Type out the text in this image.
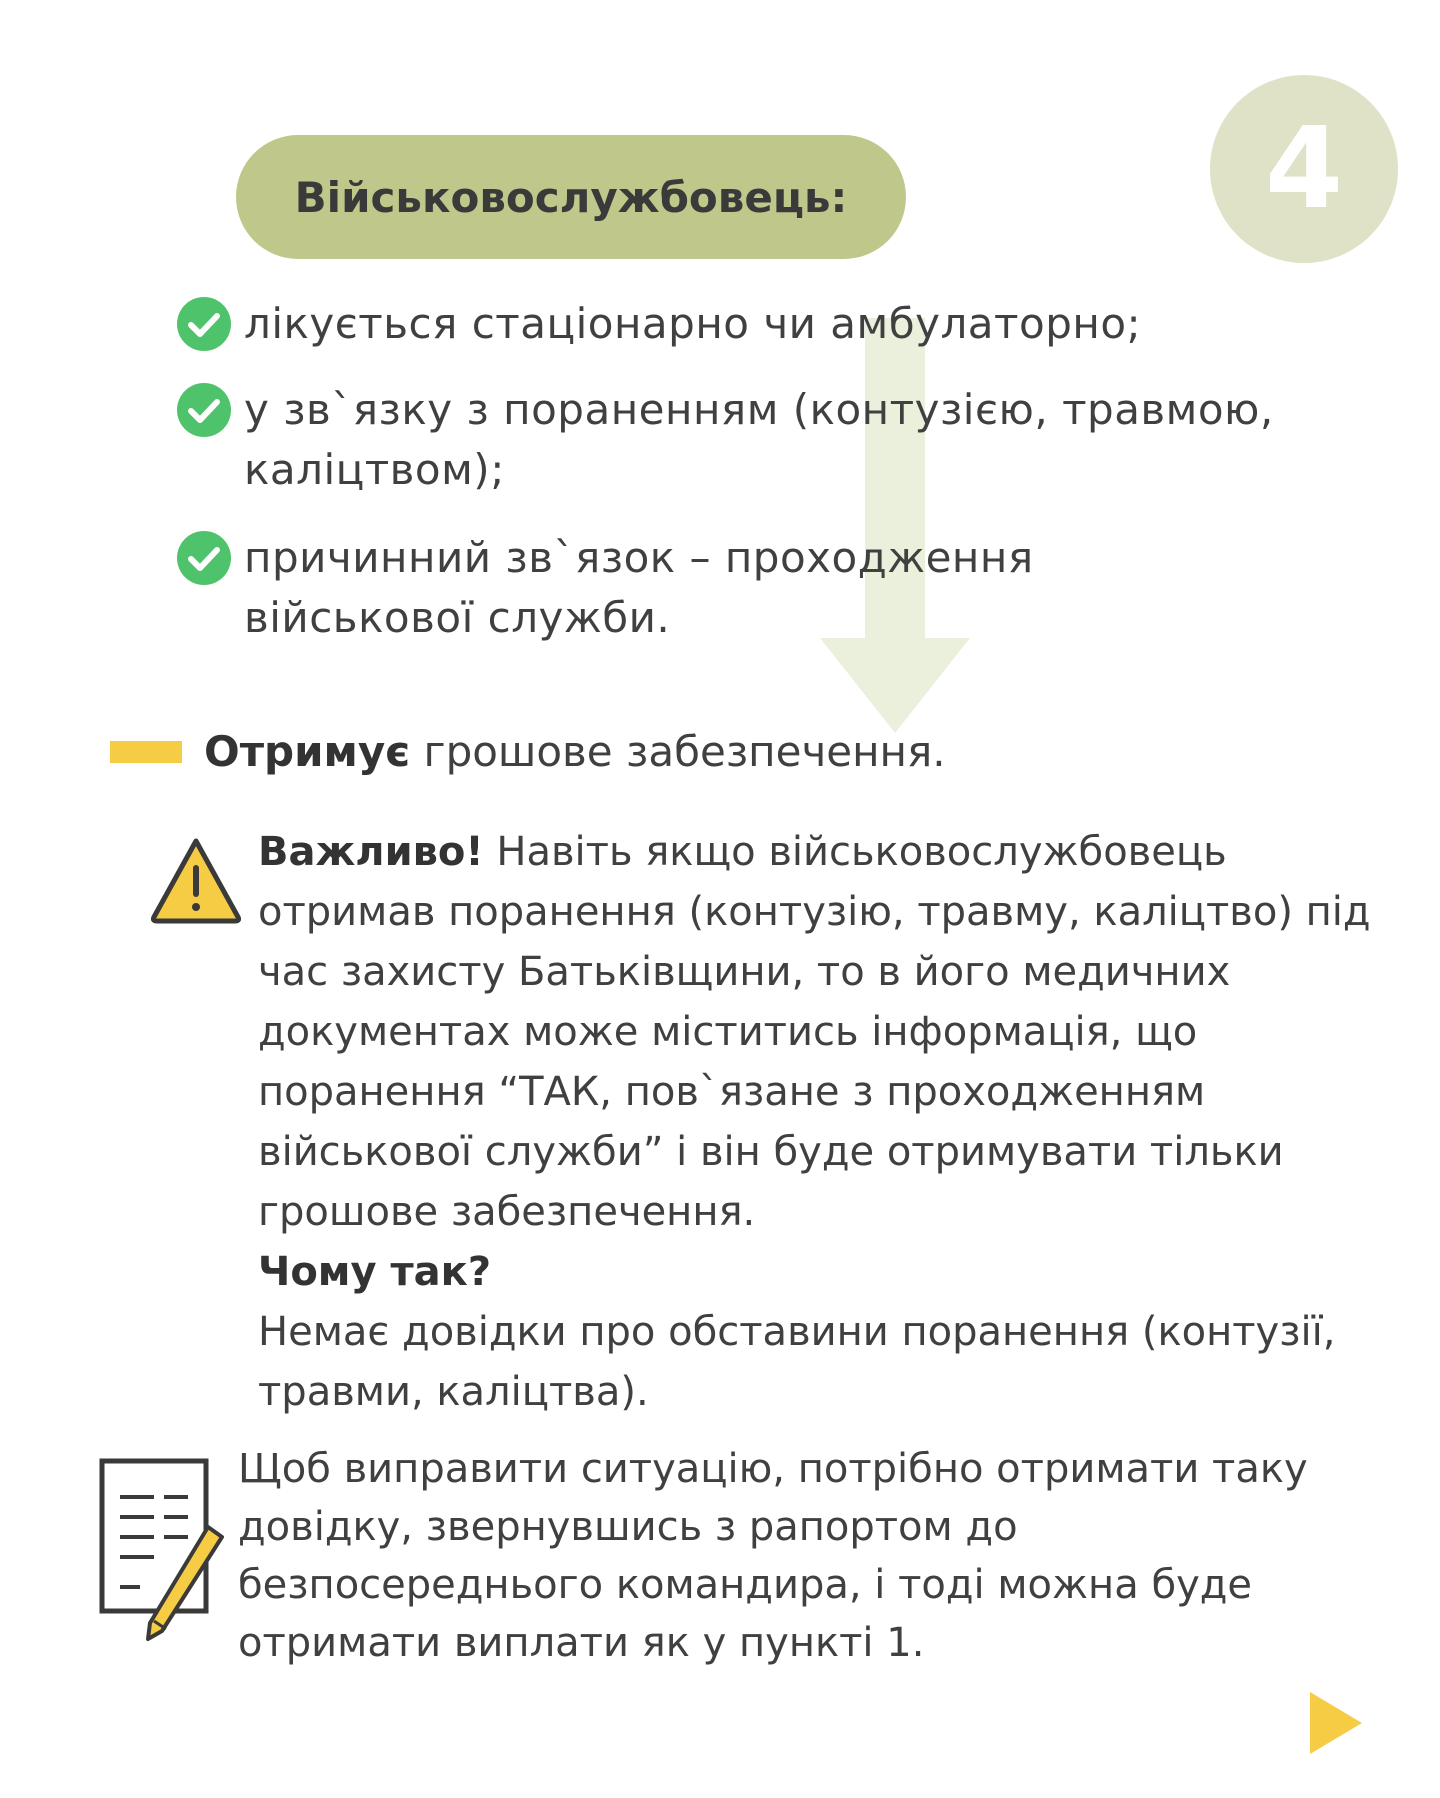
4
Військовослужбовець:
лікується стаціонарно чи амбулаторно;
у зв`язку з пораненням (контузією, травмою, каліцтвом);
причинний зв`язок – проходження військової служби.
Отримує грошове забезпечення.

Важливо! Навіть якщо військовослужбовець отримав поранення (контузію, травму, каліцтво) під час захисту Батьківщини, то в його медичних документах може міститись інформація, що поранення “ТАК, пов`язане з проходженням військової служби” і він буде отримувати тільки грошове забезпечення.

Чому так?

Немає довідки про обставини поранення (контузії, травми, каліцтва).

Щоб виправити ситуацію, потрібно отримати таку довідку, звернувшись з рапортом до безпосереднього командира, і тоді можна буде отримати виплати як у пункті 1.
